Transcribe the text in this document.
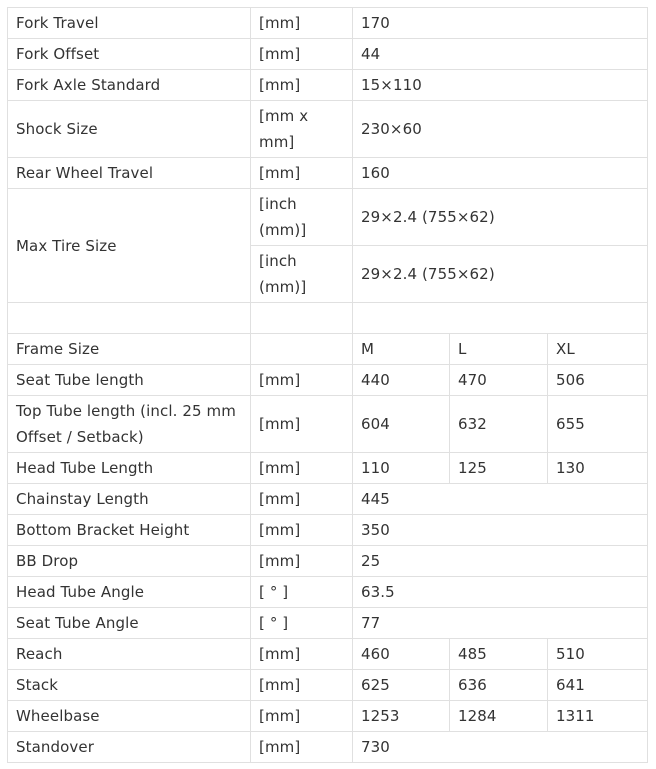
Fork Travel	[mm]	170		
Fork Offset	[mm]	44		
Fork Axle Standard	[mm]	15×110		
Shock Size	[mm x mm]	230×60		
Rear Wheel Travel	[mm]	160		
Max Tire Size	[inch (mm)]	29×2.4 (755×62)		
	[inch (mm)]	29×2.4 (755×62)		

Frame Size		M	L	XL
Seat Tube length	[mm]	440	470	506
Top Tube length (incl. 25 mm Offset / Setback)	[mm]	604	632	655
Head Tube Length	[mm]	110	125	130
Chainstay Length	[mm]	445		
Bottom Bracket Height	[mm]	350		
BB Drop	[mm]	25		
Head Tube Angle	[ ° ]	63.5		
Seat Tube Angle	[ ° ]	77		
Reach	[mm]	460	485	510
Stack	[mm]	625	636	641
Wheelbase	[mm]	1253	1284	1311
Standover	[mm]	730		
